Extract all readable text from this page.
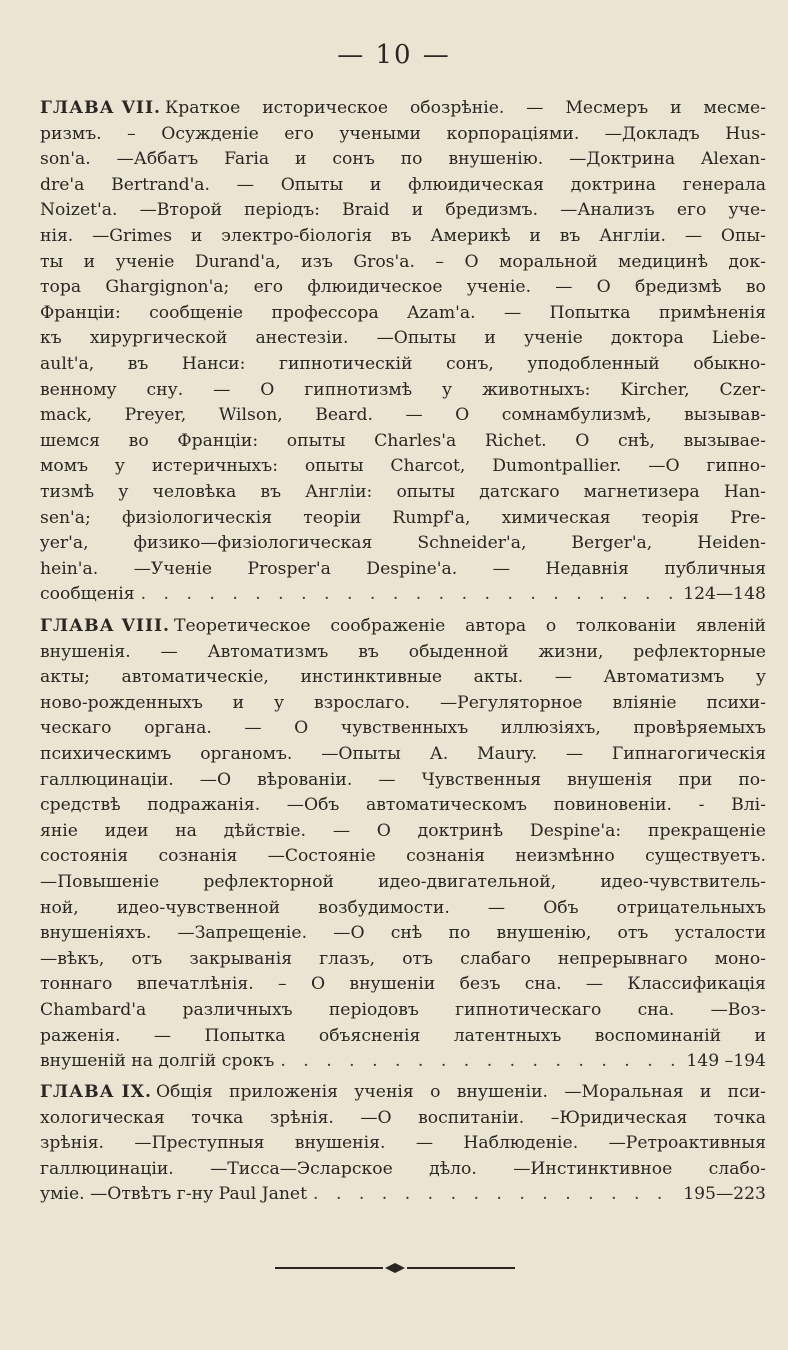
— 10 —
ГЛАВА VII. Краткое историческое обозрѣніе. — Месмеръ и месме-
ризмъ. – Осужденіе его учеными корпораціями. —Докладъ Hus-
son'a. —Аббатъ Faria и сонъ по внушенію. —Доктрина Alexan-
dre'a Bertrand'a. — Опыты и флюидическая доктрина генерала
Noizet'a. —Второй періодъ: Braid и бредизмъ. —Анализъ его уче-
нія. —Grimes и электро-біологія въ Америкѣ и въ Англіи. — Опы-
ты и ученіе Durand'a, изъ Gros'a. – О моральной медицинѣ док-
тора Ghargignon'a; его флюидическое ученіе. — О бредизмѣ во
Франціи: сообщеніе профессора Azam'a. — Попытка примѣненія
къ хирургической анестезіи. —Опыты и ученіе доктора Liebe-
ault'a, въ Нанси: гипнотическій сонъ, уподобленный обыкно-
венному сну. — О гипнотизмѣ у животныхъ: Kircher, Czer-
mack, Preyer, Wilson, Beard. — О сомнамбулизмѣ, вызывав-
шемся во Франціи: опыты Charles'a Richet. О снѣ, вызывае-
момъ у истеричныхъ: опыты Charcot, Dumontpallier. —О гипно-
тизмѣ у человѣка въ Англіи: опыты датскаго магнетизера Han-
sen'a; физіологическія теоріи Rumpf'a, химическая теорія Pre-
yer'a,	физико—физіологическая	Schneider'a,	Berger'a,	Heiden-
hein'a. —Ученіе Prosper'a Despine'a. — Недавнія публичныя
сообщенія . . .	124—148
ГЛАВА VIII. Теоретическое соображеніе автора о толкованіи явленій
внушенія. — Автоматизмъ въ обыденной жизни, рефлекторные
акты; автоматическіе, инстинктивные акты. — Автоматизмъ у
ново-рожденныхъ и у взрослаго. —Регуляторное вліяніе психи-
ческаго органа. — О чувственныхъ иллюзіяхъ, провѣряемыхъ
психическимъ органомъ. —Опыты А. Maury. — Гипнагогическія
галлюцинаціи. —О вѣрованіи. — Чувственныя внушенія при по-
средствѣ подражанія. —Объ автоматическомъ повиновеніи. - Влі-
яніе идеи на дѣйствіе. — О доктринѣ Despine'a: прекращеніе
состоянія сознанія —Состояніе сознанія неизмѣнно существуетъ.
—Повышеніе	рефлекторной	идео-двигательной,	идео-чувствитель-
ной, идео-чувственной возбудимости. — Объ отрицательныхъ
внушеніяхъ. —Запрещеніе. —О снѣ по внушенію, отъ усталости
—вѣкъ, отъ закрыванія глазъ, отъ слабаго непрерывнаго моно-
тоннаго впечатлѣнія. – О внушеніи безъ сна. — Классификація
Chambard'a различныхъ періодовъ гипнотическаго сна. —Воз-
раженія. — Попытка объясненія латентныхъ воспоминаній и
внушеній на долгій срокъ . . .	149 –194
ГЛАВА IX. Общія приложенія ученія о внушеніи. —Моральная и пси-
хологическая точка зрѣнія. —О воспитаніи. –Юридическая точка
зрѣнія. —Преступныя внушенія. — Наблюденіе. —Ретроактивныя
галлюцинаціи. —Тисса—Эсларское дѣло. —Инстинктивное слабо-
уміе. —Отвѣтъ г-ну Paul Janet . . .	195—223
